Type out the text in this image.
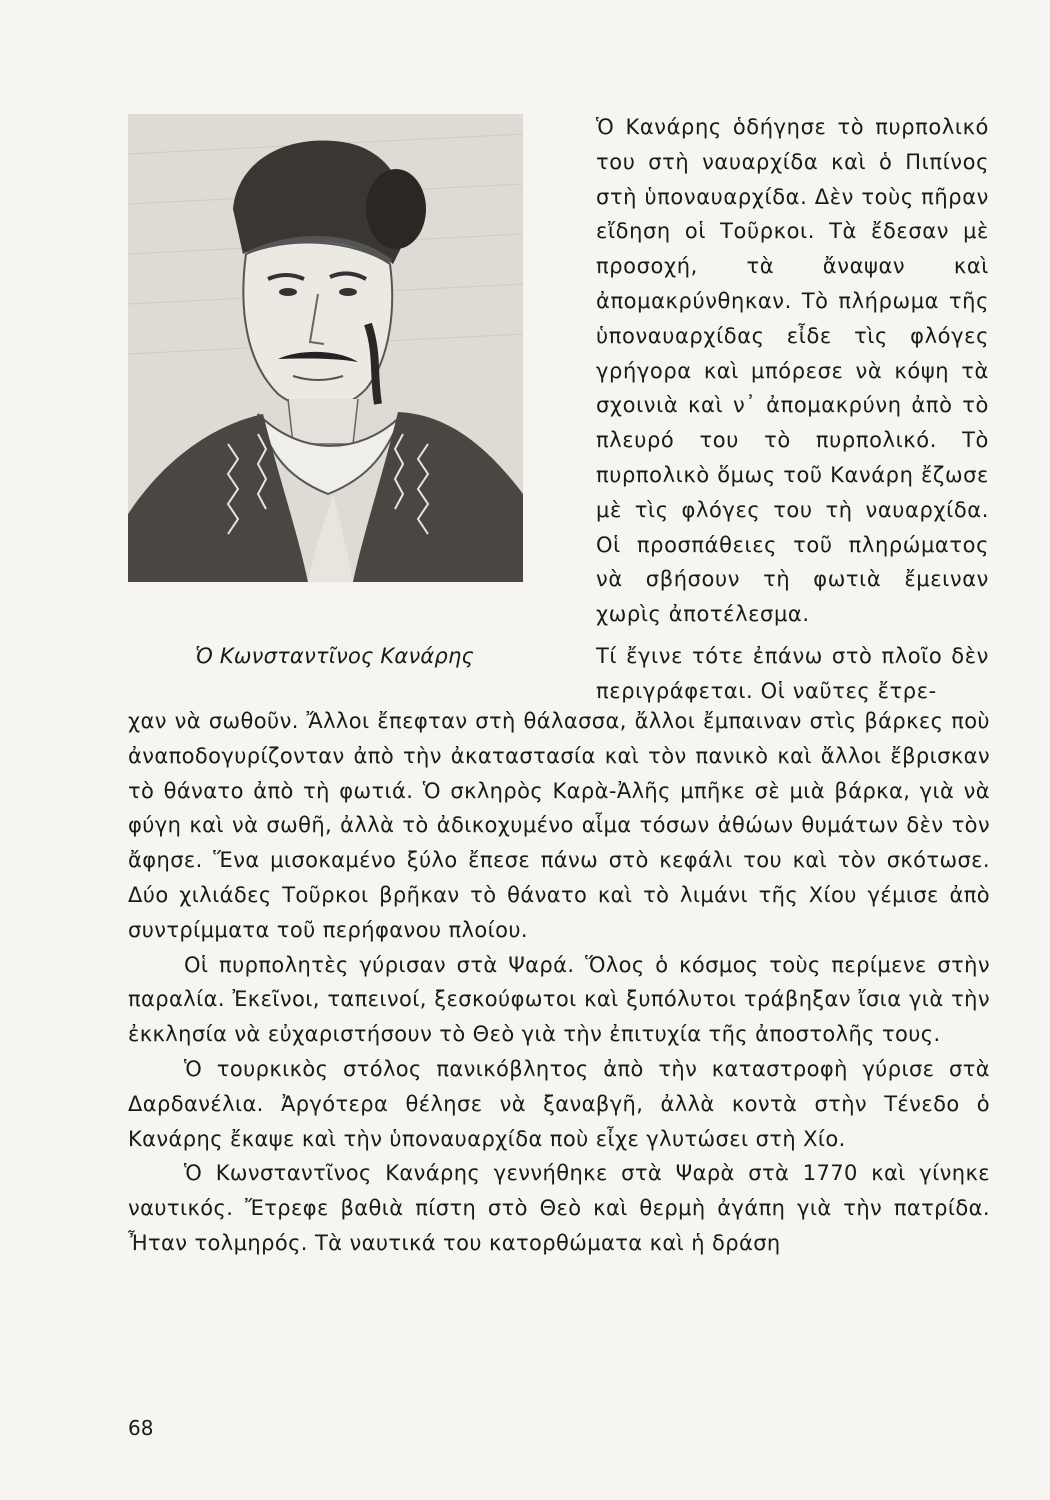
Ὁ Κωνσταντῖνος Κανάρης
Ὁ Κανάρης ὁδήγησε τὸ πυρπολικό του στὴ ναυαρχίδα καὶ ὁ Πιπίνος στὴ ὑποναυαρχίδα. Δὲν τοὺς πῆραν εἴδηση οἱ Τοῦρκοι. Τὰ ἔδεσαν μὲ προσοχή, τὰ ἄναψαν καὶ ἀπομακρύνθηκαν. Τὸ πλήρωμα τῆς ὑποναυαρχίδας εἶδε τὶς φλόγες γρήγορα καὶ μπόρεσε νὰ κόψη τὰ σχοινιὰ καὶ ν᾽ ἀπομακρύνη ἀπὸ τὸ πλευρό του τὸ πυρπολικό. Τὸ πυρπολικὸ ὅμως τοῦ Κανάρη ἔζωσε μὲ τὶς φλόγες του τὴ ναυαρχίδα. Οἱ προσπάθειες τοῦ πληρώματος νὰ σβήσουν τὴ φωτιὰ ἔμειναν χωρὶς ἀποτέλεσμα.
Τί ἔγινε τότε ἐπάνω στὸ πλοῖο δὲν περιγράφεται. Οἱ ναῦτες ἔτρε-

χαν νὰ σωθοῦν. Ἄλλοι ἔπεφταν στὴ θάλασσα, ἄλλοι ἔμπαιναν στὶς βάρκες ποὺ ἀναποδογυρίζονταν ἀπὸ τὴν ἀκαταστασία καὶ τὸν πανικὸ καὶ ἄλλοι ἔβρισκαν τὸ θάνατο ἀπὸ τὴ φωτιά. Ὁ σκληρὸς Καρὰ-Ἀλῆς μπῆκε σὲ μιὰ βάρκα, γιὰ νὰ φύγη καὶ νὰ σωθῆ, ἀλλὰ τὸ ἀδικοχυμένο αἷμα τόσων ἀθώων θυμάτων δὲν τὸν ἄφησε. Ἕνα μισοκαμένο ξύλο ἔπεσε πάνω στὸ κεφάλι του καὶ τὸν σκότωσε. Δύο χιλιάδες Τοῦρκοι βρῆκαν τὸ θάνατο καὶ τὸ λιμάνι τῆς Χίου γέμισε ἀπὸ συντρίμματα τοῦ περήφανου πλοίου.

Οἱ πυρπολητὲς γύρισαν στὰ Ψαρά. Ὅλος ὁ κόσμος τοὺς περίμενε στὴν παραλία. Ἐκεῖνοι, ταπεινοί, ξεσκούφωτοι καὶ ξυπόλυτοι τράβηξαν ἴσια γιὰ τὴν ἐκκλησία νὰ εὐχαριστήσουν τὸ Θεὸ γιὰ τὴν ἐπιτυχία τῆς ἀποστολῆς τους.

Ὁ τουρκικὸς στόλος πανικόβλητος ἀπὸ τὴν καταστροφὴ γύρισε στὰ Δαρδανέλια. Ἀργότερα θέλησε νὰ ξαναβγῆ, ἀλλὰ κοντὰ στὴν Τένεδο ὁ Κανάρης ἔκαψε καὶ τὴν ὑποναυαρχίδα ποὺ εἶχε γλυτώσει στὴ Χίο.

Ὁ Κωνσταντῖνος Κανάρης γεννήθηκε στὰ Ψαρὰ στὰ 1770 καὶ γίνηκε ναυτικός. Ἔτρεφε βαθιὰ πίστη στὸ Θεὸ καὶ θερμὴ ἀγάπη γιὰ τὴν πατρίδα. Ἦταν τολμηρός. Τὰ ναυτικά του κατορθώματα καὶ ἡ δράση

68
